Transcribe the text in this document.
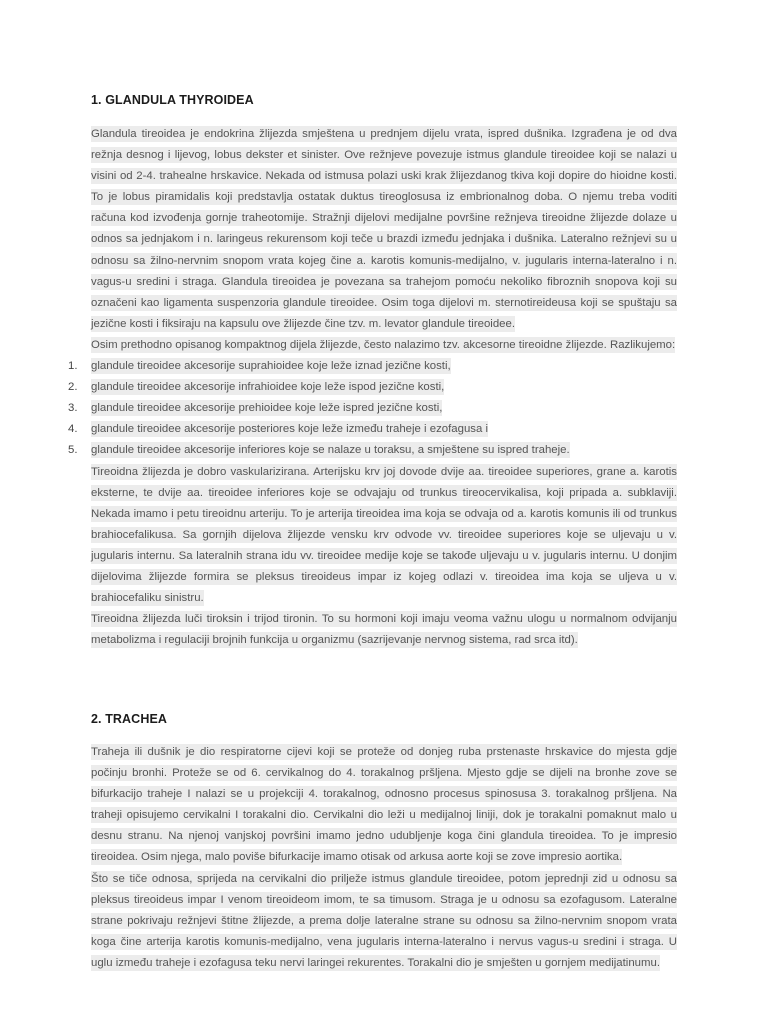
1. GLANDULA THYROIDEA

Glandula tireoidea je endokrina žlijezda smještena u prednjem dijelu vrata, ispred dušnika. Izgrađena je od dva režnja desnog i lijevog, lobus dekster et sinister. Ove režnjeve povezuje istmus glandule tireoidee koji se nalazi u visini od 2-4. trahealne hrskavice. Nekada od istmusa polazi uski krak žlijezdanog tkiva koji dopire do hioidne kosti. To je lobus piramidalis koji predstavlja ostatak duktus tireoglosusa iz embrionalnog doba. O njemu treba voditi računa kod izvođenja gornje traheotomije. Stražnji dijelovi medijalne površine režnjeva tireoidne žlijezde dolaze u odnos sa jednjakom i n. laringeus rekurensom koji teče u brazdi između jednjaka i dušnika. Lateralno režnjevi su u odnosu sa žilno-nervnim snopom vrata kojeg čine a. karotis komunis-medijalno, v. jugularis interna-lateralno i n. vagus-u sredini i straga. Glandula tireoidea je povezana sa trahejom pomoću nekoliko fibroznih snopova koji su označeni kao ligamenta suspenzoria glandule tireoidee. Osim toga dijelovi m. sternotireideusa koji se spuštaju sa jezične kosti i fiksiraju na kapsulu ove žlijezde čine tzv. m. levator glandule tireoidee.

Osim prethodno opisanog kompaktnog dijela žlijezde, često nalazimo tzv. akcesorne tireoidne žlijezde. Razlikujemo:

1. glandule tireoidee akcesorije suprahioidee koje leže iznad jezične kosti,
2. glandule tireoidee akcesorije infrahioidee koje leže ispod jezične kosti,
3. glandule tireoidee akcesorije prehioidee koje leže ispred jezične kosti,
4. glandule tireoidee akcesorije posteriores koje leže između traheje i ezofagusa i
5. glandule tireoidee akcesorije inferiores koje se nalaze u toraksu, a smještene su ispred traheje.

Tireoidna žlijezda je dobro vaskularizirana. Arterijsku krv joj dovode dvije aa. tireoidee superiores, grane a. karotis eksterne, te dvije aa. tireoidee inferiores koje se odvajaju od trunkus tireocervikalisa, koji pripada a. subklaviji. Nekada imamo i petu tireoidnu arteriju. To je arterija tireoidea ima koja se odvaja od a. karotis komunis ili od trunkus brahiocefalikusa. Sa gornjih dijelova žlijezde vensku krv odvode vv. tireoidee superiores koje se uljevaju u v. jugularis internu. Sa lateralnih strana idu vv. tireoidee medije koje se takođe uljevaju u v. jugularis internu. U donjim dijelovima žlijezde formira se pleksus tireoideus impar iz kojeg odlazi v. tireoidea ima koja se uljeva u v. brahiocefaliku sinistru.

Tireoidna žlijezda luči tiroksin i trijod tironin. To su hormoni koji imaju veoma važnu ulogu u normalnom odvijanju metabolizma i regulaciji brojnih funkcija u organizmu (sazrijevanje nervnog sistema, rad srca itd).

2. TRACHEA

Traheja ili dušnik je dio respiratorne cijevi koji se proteže od donjeg ruba prstenaste hrskavice do mjesta gdje počinju bronhi. Proteže se od 6. cervikalnog do 4. torakalnog pršljena. Mjesto gdje se dijeli na bronhe zove se bifurkacijo traheje I nalazi se u projekciji 4. torakalnog, odnosno procesus spinosusa 3. torakalnog pršljena. Na traheji opisujemo cervikalni I torakalni dio. Cervikalni dio leži u medijalnoj liniji, dok je torakalni pomaknut malo u desnu stranu. Na njenoj vanjskoj površini imamo jedno udubljenje koga čini glandula tireoidea. To je impresio tireoidea. Osim njega, malo poviše bifurkacije imamo otisak od arkusa aorte koji se zove impresio aortika.

Što se tiče odnosa, sprijeda na cervikalni dio prilježe istmus glandule tireoidee, potom jeprednji zid u odnosu sa pleksus tireoideus impar I venom tireoideom imom, te sa timusom. Straga je u odnosu sa ezofagusom. Lateralne strane pokrivaju režnjevi štitne žlijezde, a prema dolje lateralne strane su odnosu sa žilno-nervnim snopom vrata koga čine arterija karotis komunis-medijalno, vena jugularis interna-lateralno i nervus vagus-u sredini i straga. U uglu između traheje i ezofagusa teku nervi laringei rekurentes. Torakalni dio je smješten u gornjem medijatinumu.
